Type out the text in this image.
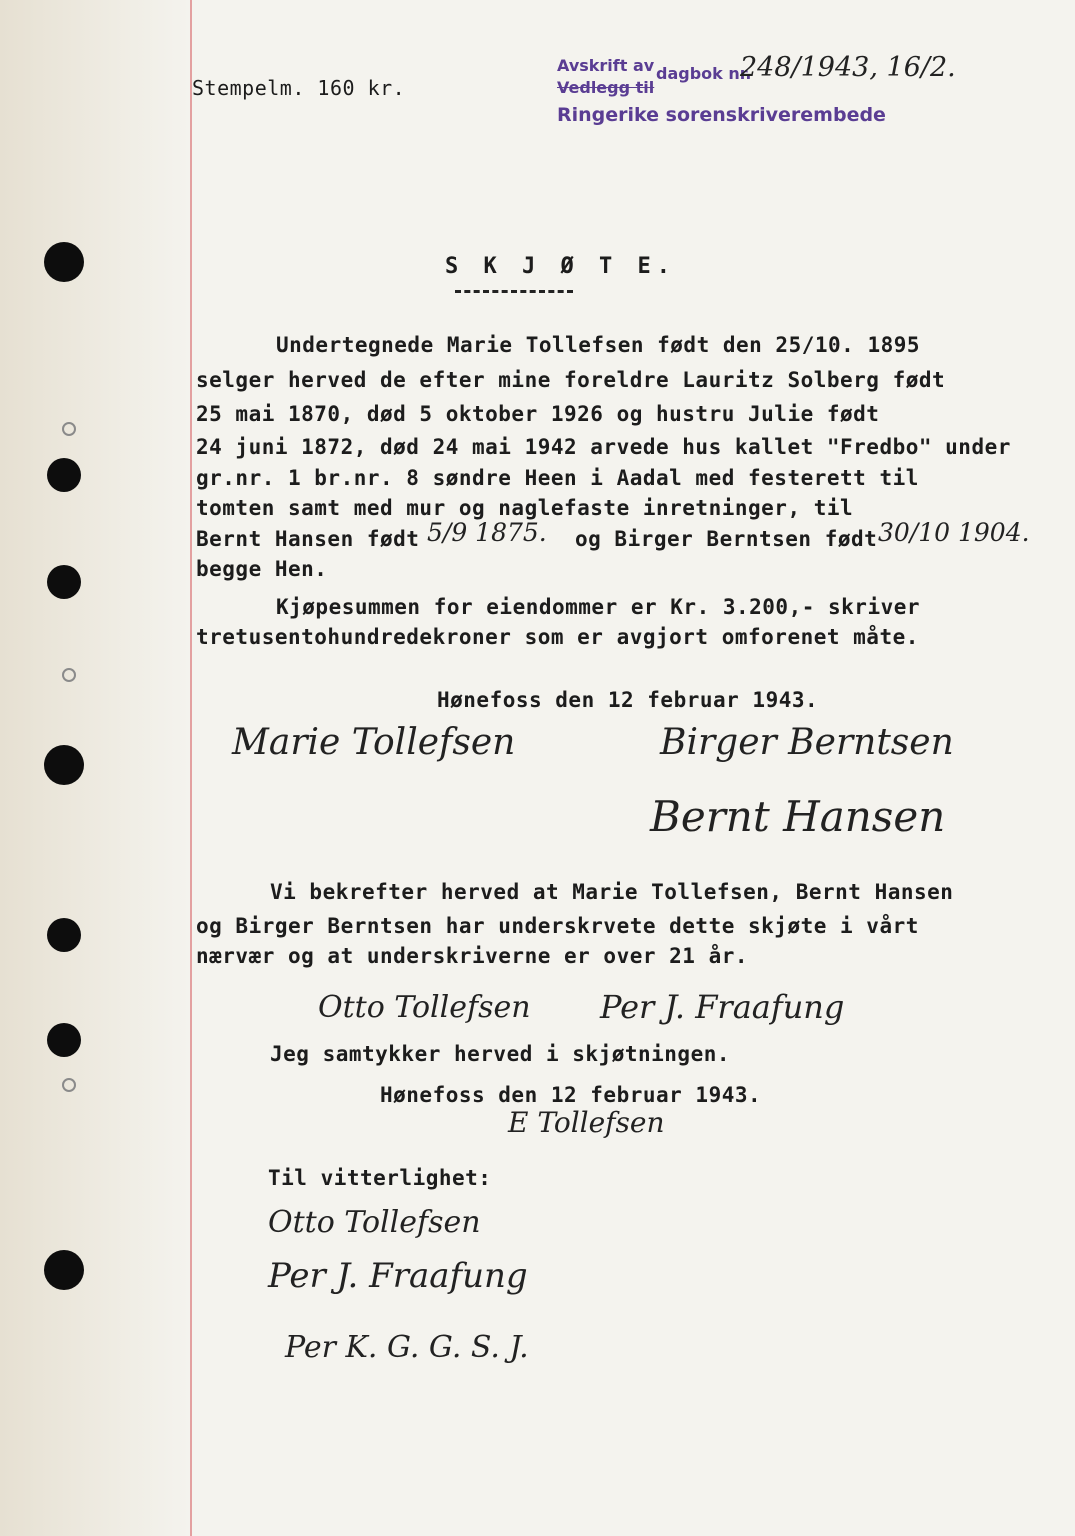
Stempelm. 160 kr.
Avskrift av
Vedlegg til
dagbok nr.
248/1943, 16/2.
Ringerike sorenskriverembede
S K J Ø T E.
Undertegnede Marie Tollefsen født den 25/10. 1895
selger herved de efter mine foreldre Lauritz Solberg født
25 mai 1870, død 5 oktober 1926 og hustru Julie født
24 juni 1872, død 24 mai 1942 arvede hus kallet "Fredbo" under
gr.nr. 1 br.nr. 8 søndre Heen i Aadal med festerett til
tomten samt med mur og naglefaste inretninger, til
Bernt Hansen født 5/9 1875. og Birger Berntsen født 30/10 1904.
begge Hen.
Kjøpesummen for eiendommer er Kr. 3.200,- skriver
tretusentohundredekroner som er avgjort omforenet måte.
Hønefoss den 12 februar 1943.
Marie Tollefsen	Birger Berntsen
Bernt Hansen
Vi bekrefter herved at Marie Tollefsen, Bernt Hansen
og Birger Berntsen har underskrvete dette skjøte i vårt
nærvær og at underskriverne er over 21 år.
Otto Tollefsen Per J. Fraafung
Jeg samtykker herved i skjøtningen.
Hønefoss den 12 februar 1943.
E Tollefsen
Til vitterlighet:
Otto Tollefsen
Per J. Fraafung
Per K. G. G. S. J.
